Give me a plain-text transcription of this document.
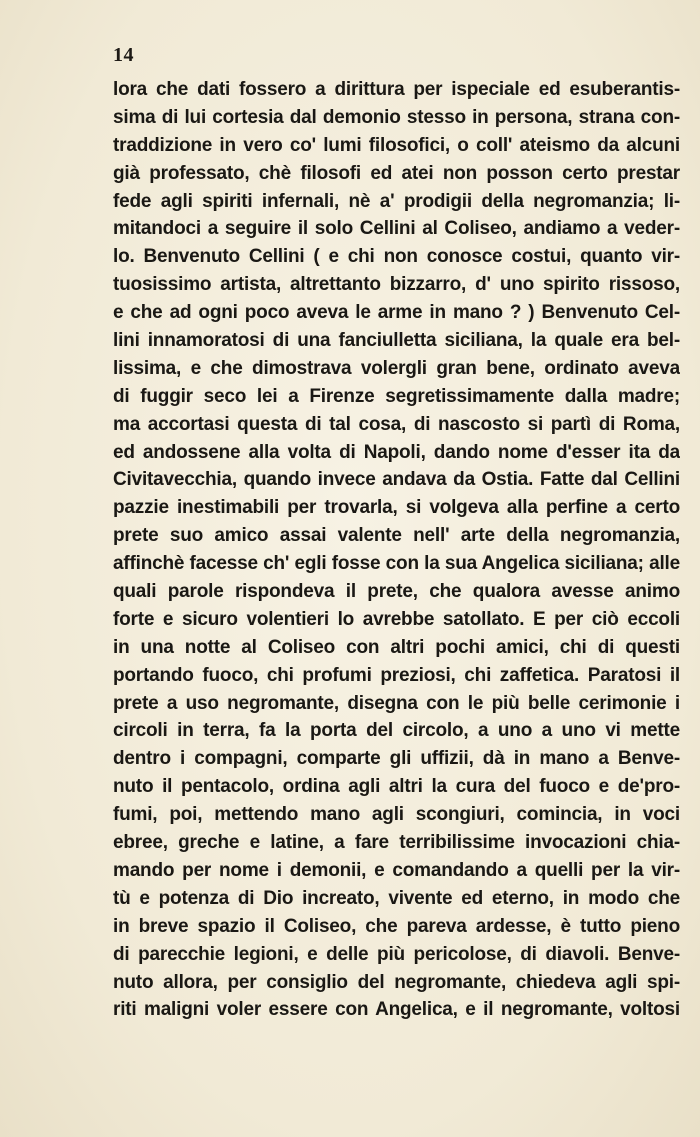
14
lora che dati fossero a dirittura per ispeciale ed esuberantis-
sima di lui cortesia dal demonio stesso in persona, strana con-
traddizione in vero co' lumi filosofici, o coll' ateismo da alcuni
già professato, chè filosofi ed atei non posson certo prestar
fede agli spiriti infernali, nè a' prodigii della negromanzia; li-
mitandoci a seguire il solo Cellini al Coliseo, andiamo a veder-
lo. Benvenuto Cellini ( e chi non conosce costui, quanto vir-
tuosissimo artista, altrettanto bizzarro, d' uno spirito rissoso,
e che ad ogni poco aveva le arme in mano ? ) Benvenuto Cel-
lini innamoratosi di una fanciulletta siciliana, la quale era bel-
lissima, e che dimostrava volergli gran bene, ordinato aveva
di fuggir seco lei a Firenze segretissimamente dalla madre;
ma accortasi questa di tal cosa, di nascosto si partì di Roma,
ed andossene alla volta di Napoli, dando nome d'esser ita da
Civitavecchia, quando invece andava da Ostia. Fatte dal Cellini
pazzie inestimabili per trovarla, si volgeva alla perfine a certo
prete suo amico assai valente nell' arte della negromanzia,
affinchè facesse ch' egli fosse con la sua Angelica siciliana; alle
quali parole rispondeva il prete, che qualora avesse animo
forte e sicuro volentieri lo avrebbe satollato. E per ciò eccoli
in una notte al Coliseo con altri pochi amici, chi di questi
portando fuoco, chi profumi preziosi, chi zaffetica. Paratosi il
prete a uso negromante, disegna con le più belle cerimonie i
circoli in terra, fa la porta del circolo, a uno a uno vi mette
dentro i compagni, comparte gli uffizii, dà in mano a Benve-
nuto il pentacolo, ordina agli altri la cura del fuoco e de'pro-
fumi, poi, mettendo mano agli scongiuri, comincia, in voci
ebree, greche e latine, a fare terribilissime invocazioni chia-
mando per nome i demonii, e comandando a quelli per la vir-
tù e potenza di Dio increato, vivente ed eterno, in modo che
in breve spazio il Coliseo, che pareva ardesse, è tutto pieno
di parecchie legioni, e delle più pericolose, di diavoli. Benve-
nuto allora, per consiglio del negromante, chiedeva agli spi-
riti maligni voler essere con Angelica, e il negromante, voltosi
